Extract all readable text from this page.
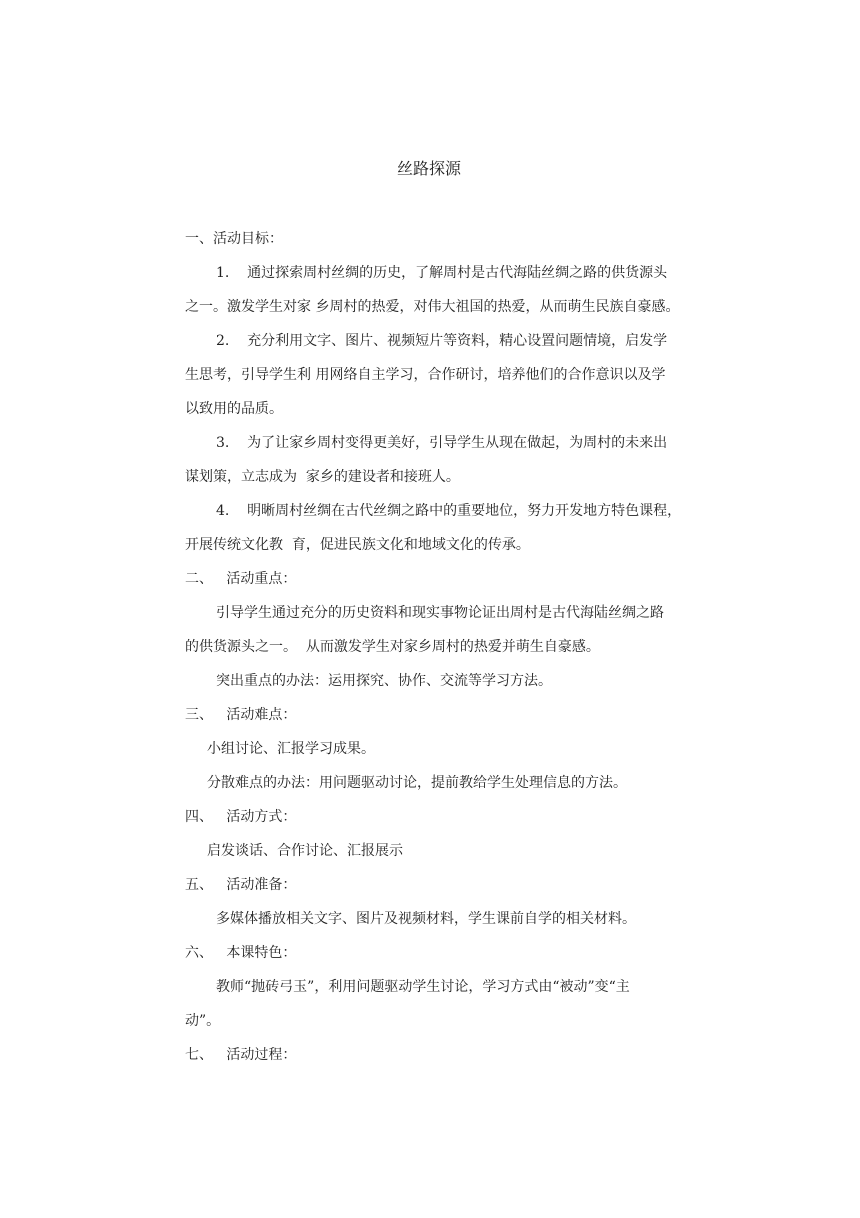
丝路探源
一、活动目标：
1.    通过探索周村丝绸的历史，了解周村是古代海陆丝绸之路的供货源头
之一。激发学生对家 乡周村的热爱，对伟大祖国的热爱，从而萌生民族自豪感。
2.    充分利用文字、图片、视频短片等资料，精心设置问题情境，启发学
生思考，引导学生利 用网络自主学习，合作研讨，培养他们的合作意识以及学
以致用的品质。
3.    为了让家乡周村变得更美好，引导学生从现在做起，为周村的未来出
谋划策，立志成为  家乡的建设者和接班人。
4.    明晰周村丝绸在古代丝绸之路中的重要地位，努力开发地方特色课程，
开展传统文化教  育，促进民族文化和地域文化的传承。
二、   活动重点：
引导学生通过充分的历史资料和现实事物论证出周村是古代海陆丝绸之路
的供货源头之一。  从而激发学生对家乡周村的热爱并萌生自豪感。
突出重点的办法：运用探究、协作、交流等学习方法。
三、   活动难点：
小组讨论、汇报学习成果。
分散难点的办法：用问题驱动讨论，提前教给学生处理信息的方法。
四、   活动方式：
启发谈话、合作讨论、汇报展示
五、   活动准备：
多媒体播放相关文字、图片及视频材料，学生课前自学的相关材料。
六、   本课特色：
教师“抛砖弓玉”，利用问题驱动学生讨论，学习方式由“被动”变“主
动”。
七、   活动过程：
